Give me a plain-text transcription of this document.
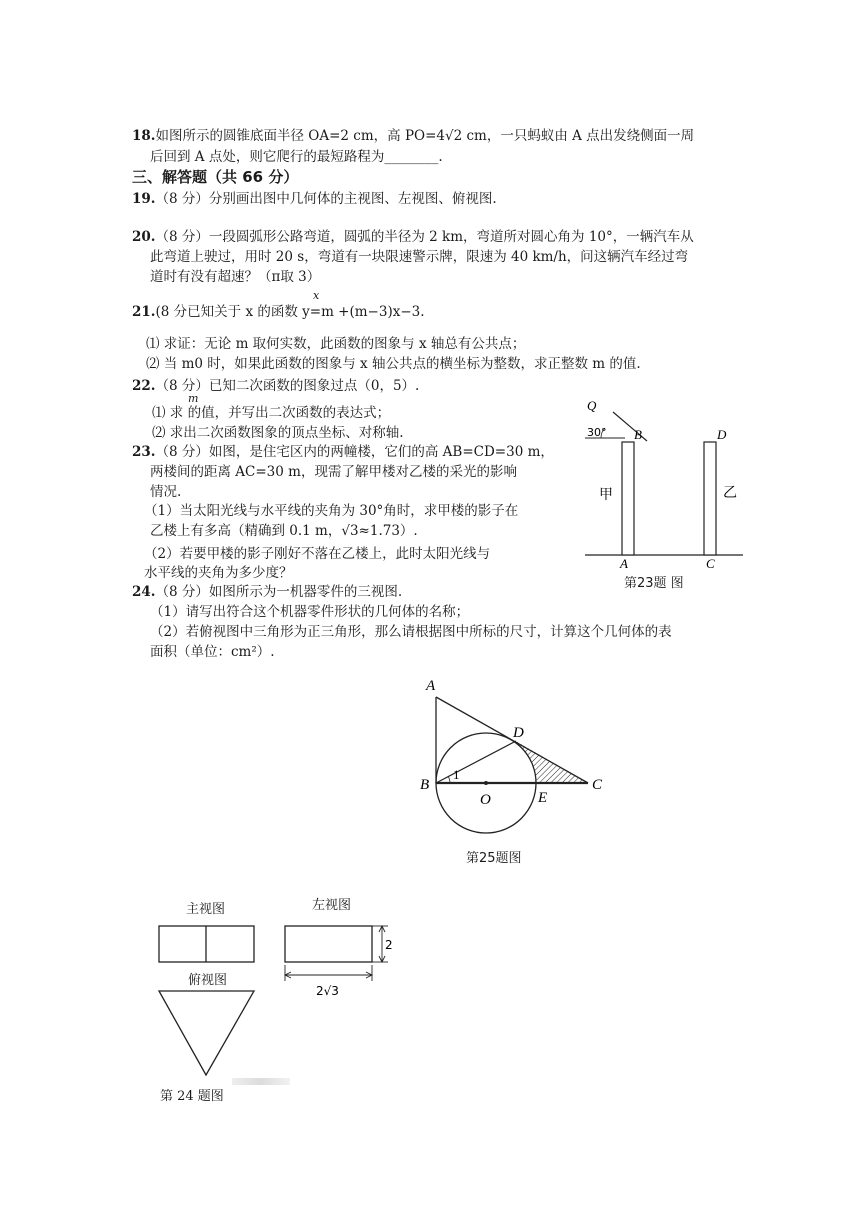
18.如图所示的圆锥底面半径 OA=2 cm，高 PO=4√2 cm，一只蚂蚁由 A 点出发绕侧面一周
后回到 A 点处，则它爬行的最短路程为________.
三、解答题（共 66 分）
19.（8 分）分别画出图中几何体的主视图、左视图、俯视图.
20.（8 分）一段圆弧形公路弯道，圆弧的半径为 2 km，弯道所对圆心角为 10°，一辆汽车从
此弯道上驶过，用时 20 s，弯道有一块限速警示牌，限速为 40 km/h，问这辆汽车经过弯
道时有没有超速？（π取 3）
x
21.(8 分已知关于 x 的函数 y=m +(m−3)x−3.
⑴ 求证：无论 m 取何实数，此函数的图象与 x 轴总有公共点；
⑵ 当 m0 时，如果此函数的图象与 x 轴公共点的横坐标为整数，求正整数 m 的值.
22.（8 分）已知二次函数的图象过点（0，5）.
m
⑴ 求 的值，并写出二次函数的表达式；
⑵ 求出二次函数图象的顶点坐标、对称轴.
23.（8 分）如图，是住宅区内的两幢楼，它们的高 AB=CD=30 m，
两楼间的距离 AC=30 m，现需了解甲楼对乙楼的采光的影响
情况.
（1）当太阳光线与水平线的夹角为 30°角时，求甲楼的影子在
乙楼上有多高（精确到 0.1 m，√3≈1.73）.
（2）若要甲楼的影子刚好不落在乙楼上，此时太阳光线与
水平线的夹角为多少度？
24.（8 分）如图所示为一机器零件的三视图.
（1）请写出符合这个机器零件形状的几何体的名称；
（2）若俯视图中三角形为正三角形，那么请根据图中所标的尺寸，计算这个几何体的表
面积（单位：cm²）.
Q
30° B	D
A	C
甲	乙
第23题 图
A
B	C
D
E
O
1
第25题图
主视图	左视图
俯视图
2
2√3
第 24 题图
